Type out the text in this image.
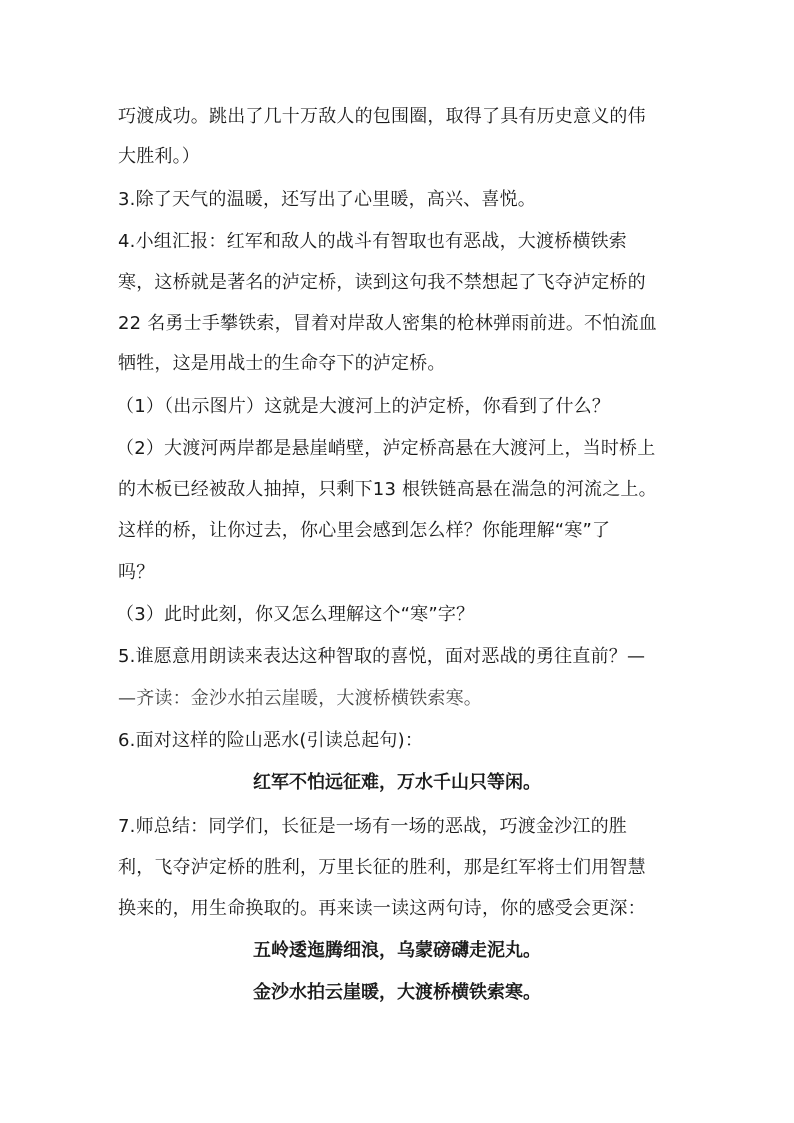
巧渡成功。跳出了几十万敌人的包围圈，取得了具有历史意义的伟
大胜利。）
3.除了天气的温暖，还写出了心里暖，高兴、喜悦。
4.小组汇报：红军和敌人的战斗有智取也有恶战，大渡桥横铁索
寒，这桥就是著名的泸定桥，读到这句我不禁想起了飞夺泸定桥的
22 名勇士手攀铁索，冒着对岸敌人密集的枪林弹雨前进。不怕流血
牺牲，这是用战士的生命夺下的泸定桥。
（1）（出示图片）这就是大渡河上的泸定桥，你看到了什么？
（2）大渡河两岸都是悬崖峭壁，泸定桥高悬在大渡河上，当时桥上
的木板已经被敌人抽掉，只剩下13 根铁链高悬在湍急的河流之上。
这样的桥，让你过去，你心里会感到怎么样？你能理解“寒”了
吗？
（3）此时此刻，你又怎么理解这个“寒”字？
5.谁愿意用朗读来表达这种智取的喜悦，面对恶战的勇往直前？—
—齐读：金沙水拍云崖暖，大渡桥横铁索寒。
6.面对这样的险山恶水(引读总起句)：
红军不怕远征难，万水千山只等闲。
7.师总结：同学们，长征是一场有一场的恶战，巧渡金沙江的胜
利，飞夺泸定桥的胜利，万里长征的胜利，那是红军将士们用智慧
换来的，用生命换取的。再来读一读这两句诗，你的感受会更深：
五岭逶迤腾细浪，乌蒙磅礴走泥丸。
金沙水拍云崖暖，大渡桥横铁索寒。
